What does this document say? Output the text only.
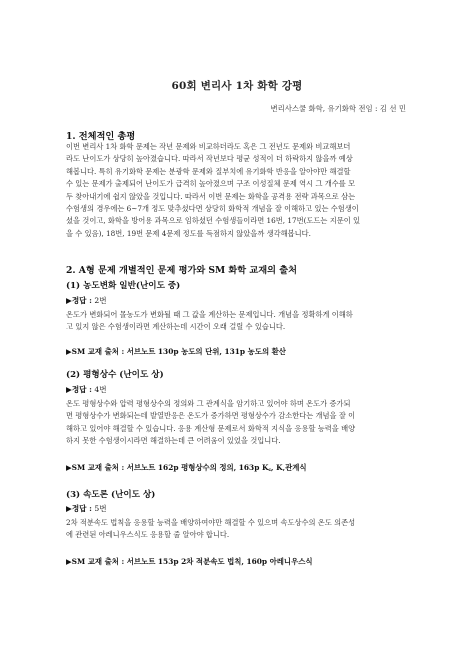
60회 변리사 1차 화학 강평
변리사스쿨 화학, 유기화학 전임 : 김 선 민
1. 전체적인 총평
이번 변리사 1차 화학 문제는 작년 문제와 비교하더라도 혹은 그 전년도 문제와 비교해보더
라도 난이도가 상당히 높아졌습니다. 따라서 작년보다 평균 성적이 더 하락하지 않을까 예상
해봅니다. 특히 유기화학 문제는 분광학 문제와 질부치에 유기화학 반응을 알아야만 해결할
수 있는 문제가 출제되어 난이도가 급격히 높아졌으며 구조 이성질체 문제 역시 그 개수를 모
두 찾아내기에 쉽지 않았을 것입니다. 따라서 이번 문제는 화학을 공격용 전략 과목으로 삼는
수험생의 경우에는 6~7개 정도 맞추셨다면 상당히 화학적 개념을 잘 이해하고 있는 수험생이
셨을 것이고, 화학을 방어용 과목으로 임하셨던 수험생들이라면 16번, 17번(도드는 지문이 있
을 수 있음), 18번, 19번 문제 4문제 정도를 득점하지 않았을까 생각해봅니다.
2. A형 문제 개별적인 문제 평가와 SM 화학 교재의 출처
(1) 농도변화 일반(난이도 중)
▶정답 : 2번
온도가 변화되어 몰농도가 변화될 때 그 값을 계산하는 문제입니다. 개념을 정확하게 이해하
고 있지 않은 수험생이라면 계산하는데 시간이 오래 걸릴 수 있습니다.
▶SM 교재 출처 : 서브노트 130p 농도의 단위, 131p 농도의 환산
(2) 평형상수 (난이도 상)
▶정답 : 4번
온도 평형상수와 압력 평형상수의 정의와 그 관계식을 암기하고 있어야 하며 온도가 증가되
면 평형상수가 변화되는데 발열반응은 온도가 증가하면 평형상수가 감소한다는 개념을 잘 이
해하고 있어야 해결할 수 있습니다. 응용 계산형 문제로서 화학적 지식을 응용할 능력을 배양
하지 못한 수험생이시라면 해결하는데 큰 어려움이 있었을 것입니다.
▶SM 교재 출처 : 서브노트 162p 평형상수의 정의, 163p K꜀, K‚관계식
(3) 속도론 (난이도 상)
▶정답 : 5번
2차 적분속도 법칙을 응용할 능력을 배양하여야만 해결할 수 있으며 속도상수의 온도 의존성
에 관련된 아레니우스식도 응용할 줄 알아야 합니다.
▶SM 교재 출처 : 서브노트 153p 2차 적분속도 법칙, 160p 아레니우스식
